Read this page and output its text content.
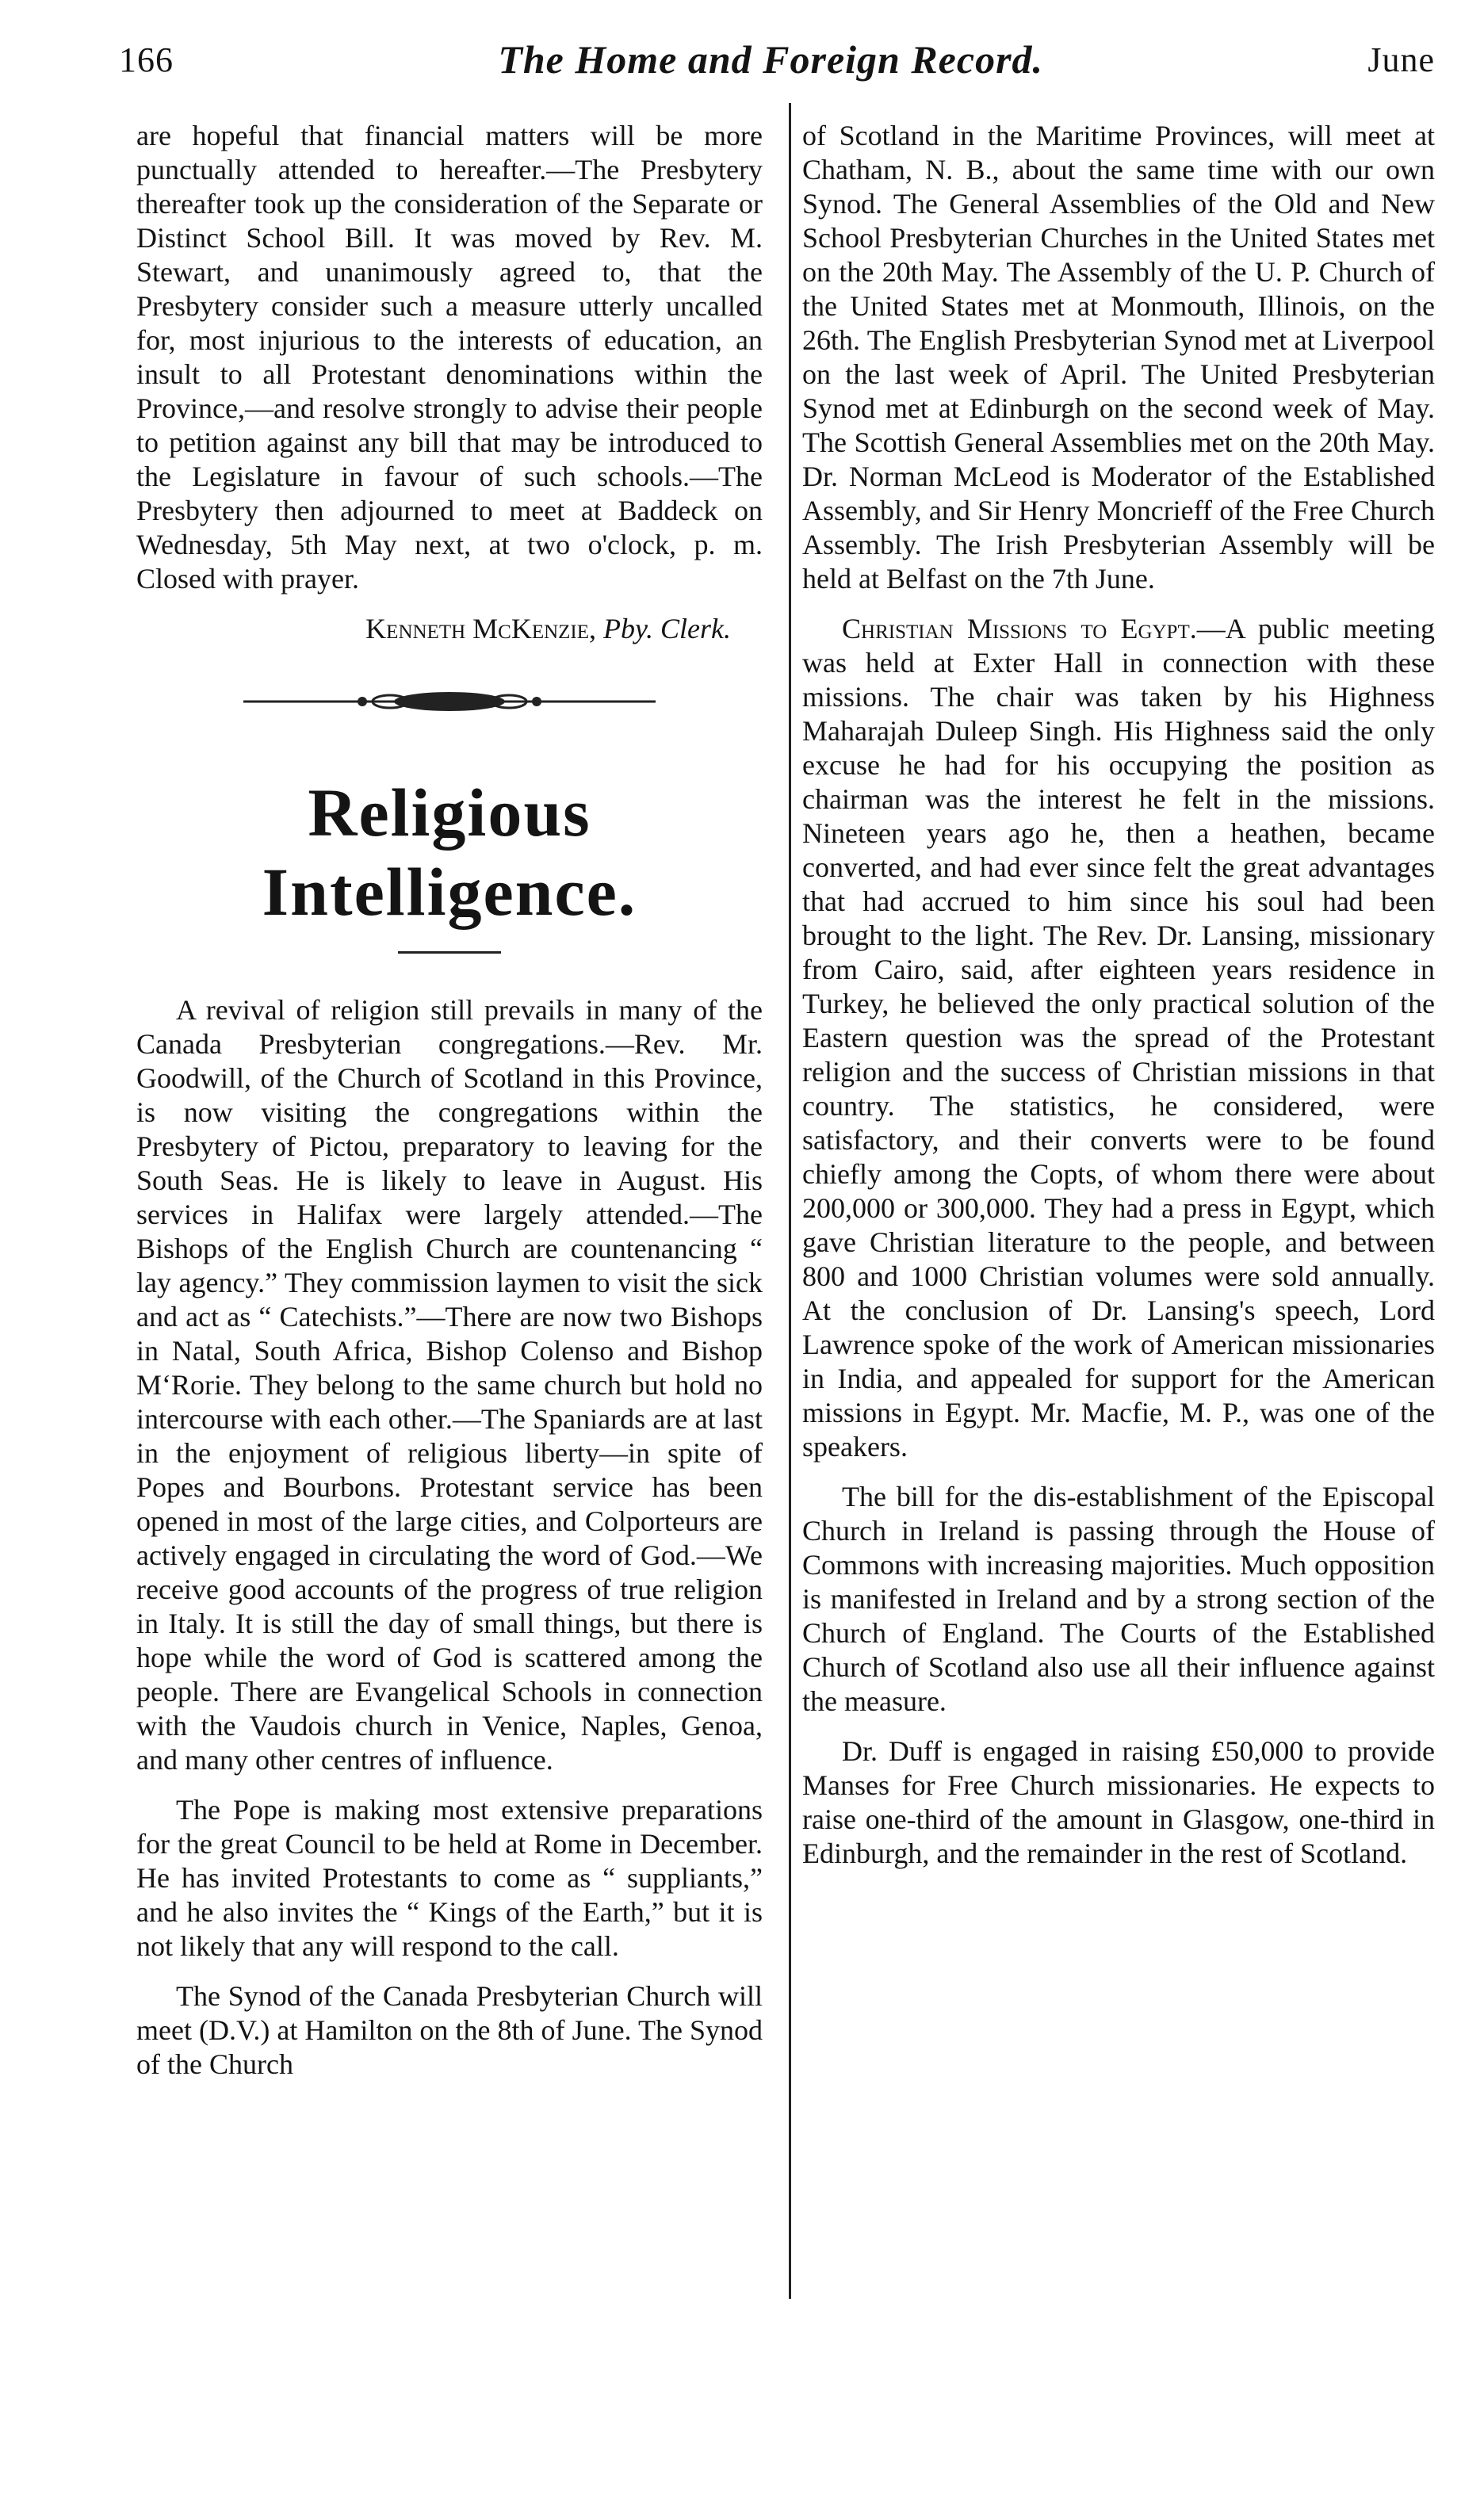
166	The Home and Foreign Record.	June

are hopeful that financial matters will be more punctually attended to hereafter.—The Presbytery thereafter took up the consideration of the Separate or Distinct School Bill. It was moved by Rev. M. Stewart, and unanimously agreed to, that the Presbytery consider such a measure utterly uncalled for, most injurious to the interests of education, an insult to all Protestant denominations within the Province,—and resolve strongly to advise their people to petition against any bill that may be introduced to the Legislature in favour of such schools.—The Presbytery then adjourned to meet at Baddeck on Wednesday, 5th May next, at two o'clock, p. m. Closed with prayer.

Kenneth McKenzie, Pby. Clerk.
Religious Intelligence.

A revival of religion still prevails in many of the Canada Presbyterian congregations.—Rev. Mr. Goodwill, of the Church of Scotland in this Province, is now visiting the congregations within the Presbytery of Pictou, preparatory to leaving for the South Seas. He is likely to leave in August. His services in Halifax were largely attended.—The Bishops of the English Church are countenancing “ lay agency.” They commission laymen to visit the sick and act as “ Catechists.”—There are now two Bishops in Natal, South Africa, Bishop Colenso and Bishop M‘Rorie. They belong to the same church but hold no intercourse with each other.—The Spaniards are at last in the enjoyment of religious liberty—in spite of Popes and Bourbons. Protestant service has been opened in most of the large cities, and Colporteurs are actively engaged in circulating the word of God.—We receive good accounts of the progress of true religion in Italy. It is still the day of small things, but there is hope while the word of God is scattered among the people. There are Evangelical Schools in connection with the Vaudois church in Venice, Naples, Genoa, and many other centres of influence.

The Pope is making most extensive preparations for the great Council to be held at Rome in December. He has invited Protestants to come as “ suppliants,” and he also invites the “ Kings of the Earth,” but it is not likely that any will respond to the call.

The Synod of the Canada Presbyterian Church will meet (D.V.) at Hamilton on the 8th of June. The Synod of the Church

of Scotland in the Maritime Provinces, will meet at Chatham, N. B., about the same time with our own Synod. The General Assemblies of the Old and New School Presbyterian Churches in the United States met on the 20th May. The Assembly of the U. P. Church of the United States met at Monmouth, Illinois, on the 26th. The English Presbyterian Synod met at Liverpool on the last week of April. The United Presbyterian Synod met at Edinburgh on the second week of May. The Scottish General Assemblies met on the 20th May. Dr. Norman McLeod is Moderator of the Established Assembly, and Sir Henry Moncrieff of the Free Church Assembly. The Irish Presbyterian Assembly will be held at Belfast on the 7th June.

Christian Missions to Egypt.—A public meeting was held at Exter Hall in connection with these missions. The chair was taken by his Highness Maharajah Duleep Singh. His Highness said the only excuse he had for his occupying the position as chairman was the interest he felt in the missions. Nineteen years ago he, then a heathen, became converted, and had ever since felt the great advantages that had accrued to him since his soul had been brought to the light. The Rev. Dr. Lansing, missionary from Cairo, said, after eighteen years residence in Turkey, he believed the only practical solution of the Eastern question was the spread of the Protestant religion and the success of Christian missions in that country. The statistics, he considered, were satisfactory, and their converts were to be found chiefly among the Copts, of whom there were about 200,000 or 300,000. They had a press in Egypt, which gave Christian literature to the people, and between 800 and 1000 Christian volumes were sold annually. At the conclusion of Dr. Lansing's speech, Lord Lawrence spoke of the work of American missionaries in India, and appealed for support for the American missions in Egypt. Mr. Macfie, M. P., was one of the speakers.

The bill for the dis-establishment of the Episcopal Church in Ireland is passing through the House of Commons with increasing majorities. Much opposition is manifested in Ireland and by a strong section of the Church of England. The Courts of the Established Church of Scotland also use all their influence against the measure.

Dr. Duff is engaged in raising £50,000 to provide Manses for Free Church missionaries. He expects to raise one-third of the amount in Glasgow, one-third in Edinburgh, and the remainder in the rest of Scotland.
